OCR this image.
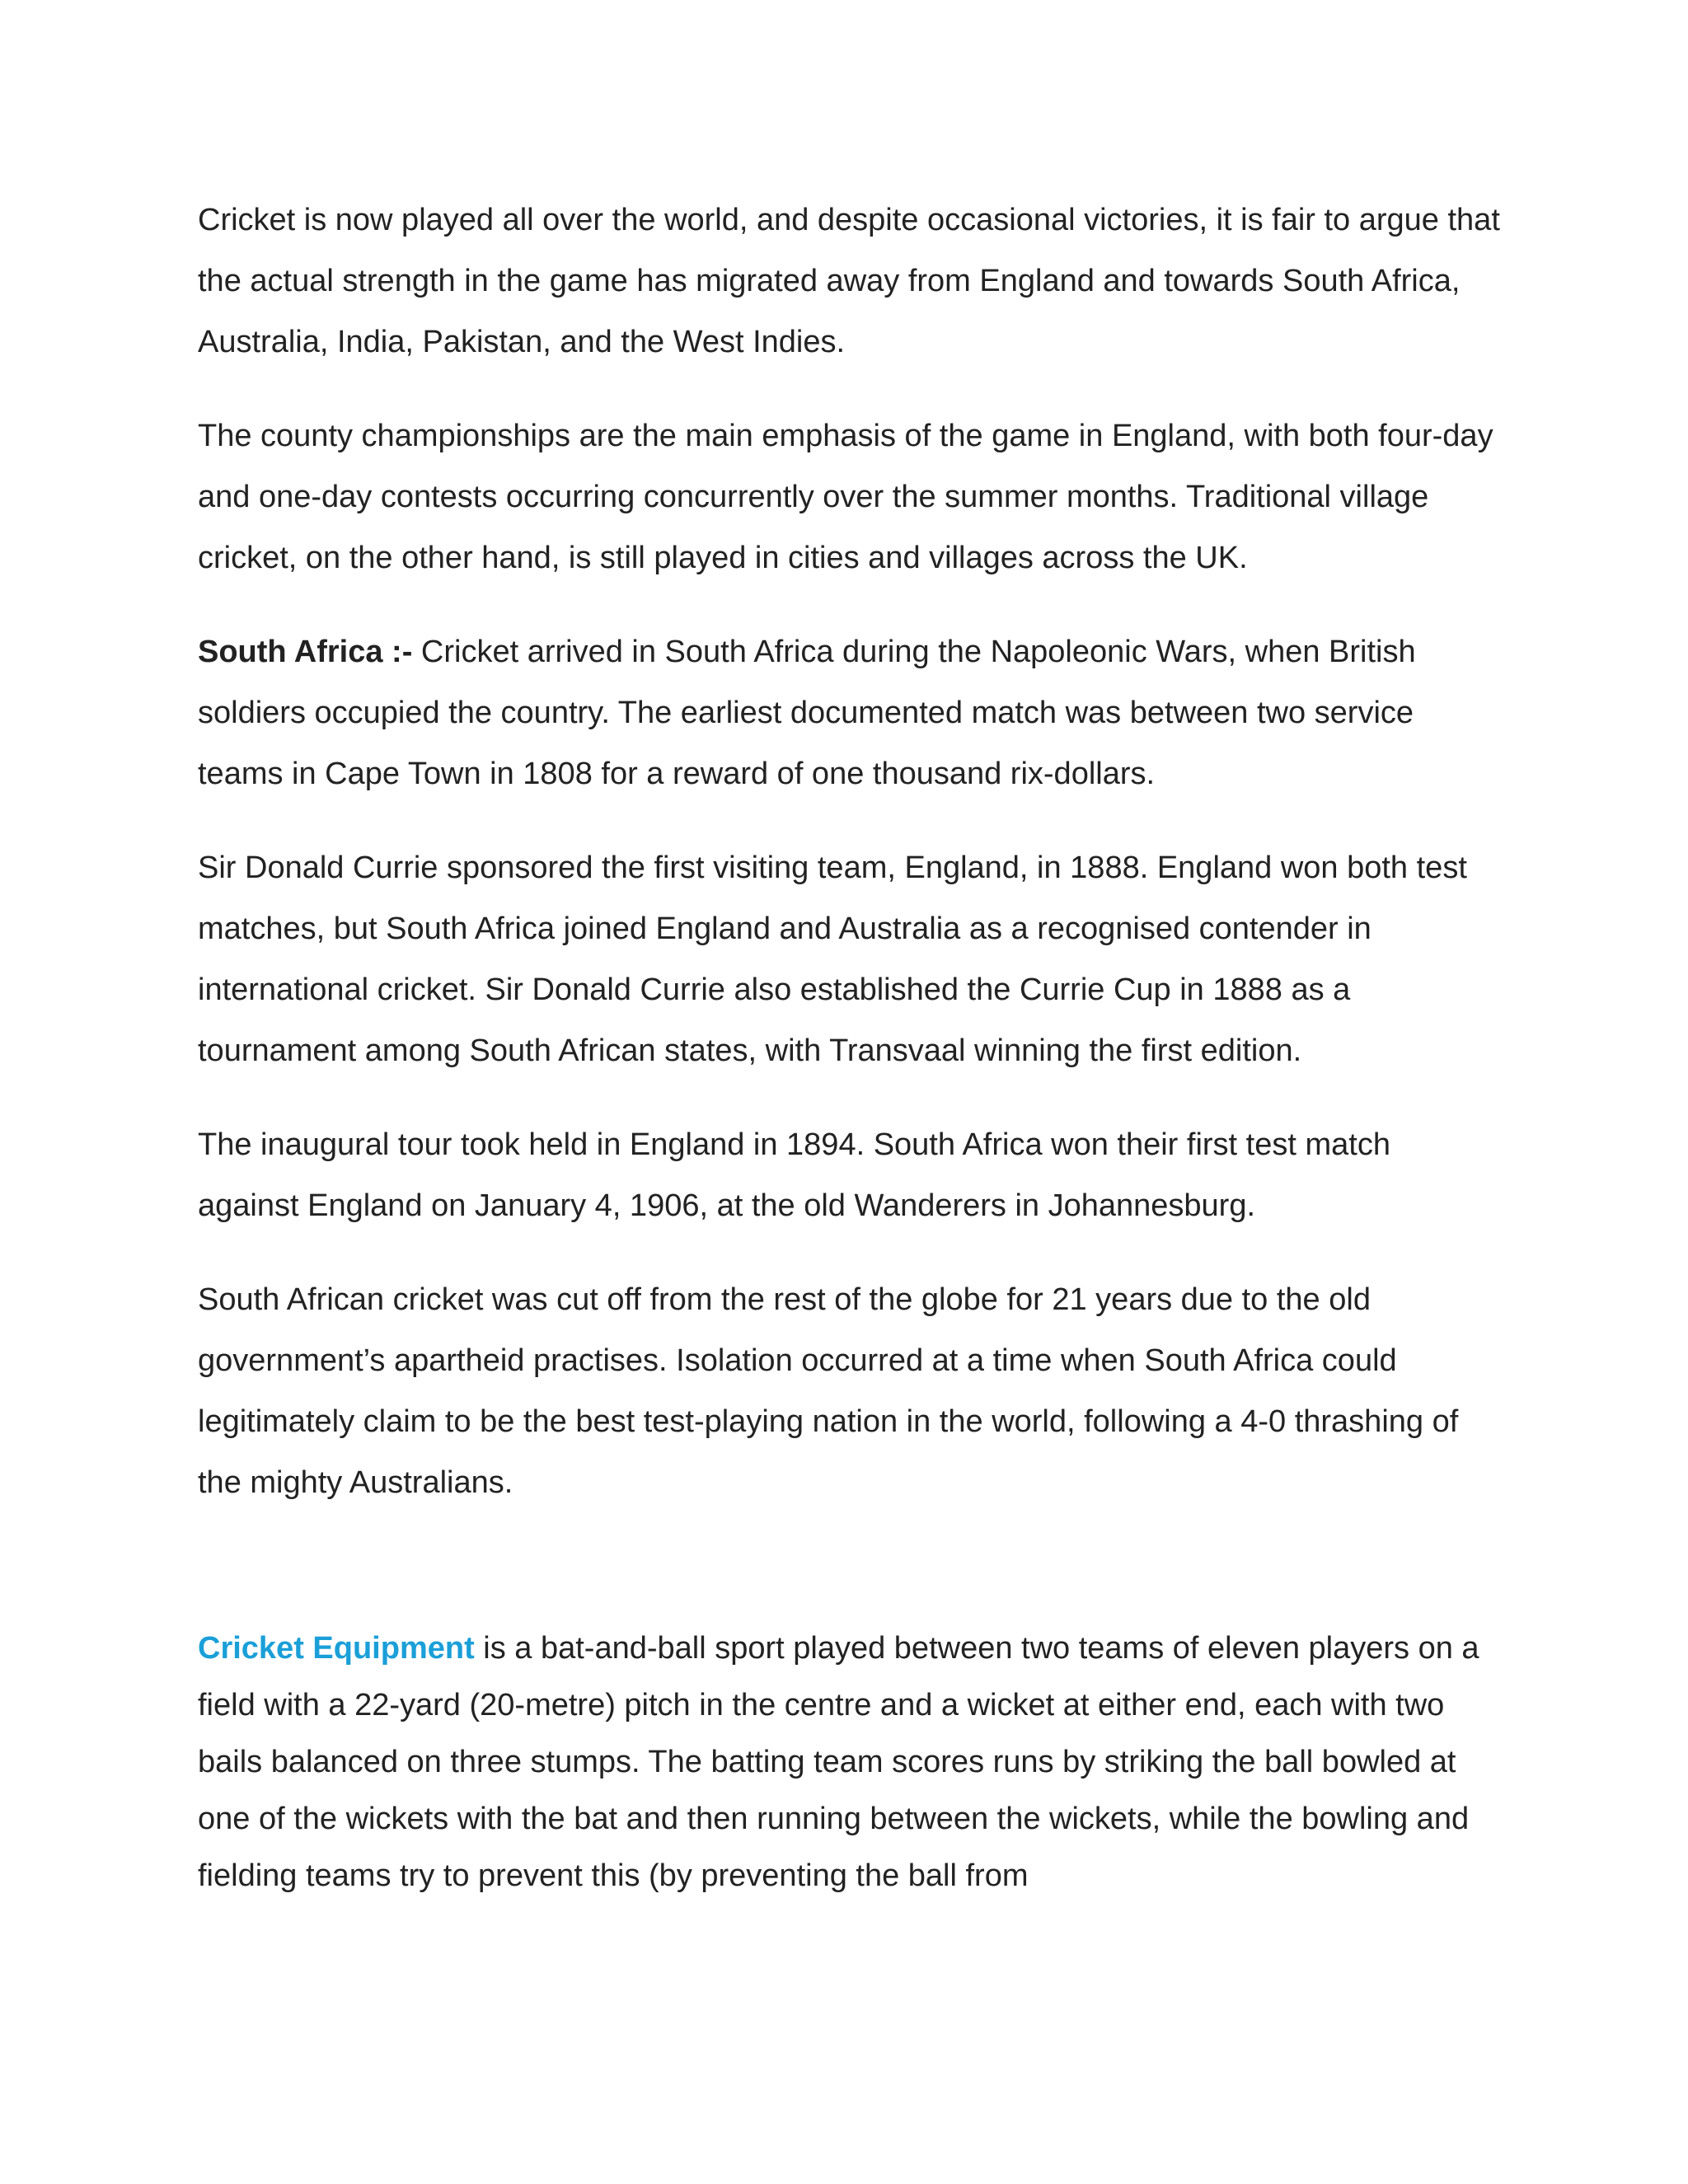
Cricket is now played all over the world, and despite occasional victories, it is fair to argue that the actual strength in the game has migrated away from England and towards South Africa, Australia, India, Pakistan, and the West Indies.

The county championships are the main emphasis of the game in England, with both four-day and one-day contests occurring concurrently over the summer months. Traditional village cricket, on the other hand, is still played in cities and villages across the UK.

South Africa :- Cricket arrived in South Africa during the Napoleonic Wars, when British soldiers occupied the country. The earliest documented match was between two service teams in Cape Town in 1808 for a reward of one thousand rix-dollars.

Sir Donald Currie sponsored the first visiting team, England, in 1888. England won both test matches, but South Africa joined England and Australia as a recognised contender in international cricket. Sir Donald Currie also established the Currie Cup in 1888 as a tournament among South African states, with Transvaal winning the first edition.

The inaugural tour took held in England in 1894. South Africa won their first test match against England on January 4, 1906, at the old Wanderers in Johannesburg.

South African cricket was cut off from the rest of the globe for 21 years due to the old government’s apartheid practises. Isolation occurred at a time when South Africa could legitimately claim to be the best test-playing nation in the world, following a 4-0 thrashing of the mighty Australians.

Cricket Equipment is a bat-and-ball sport played between two teams of eleven players on a field with a 22-yard (20-metre) pitch in the centre and a wicket at either end, each with two bails balanced on three stumps. The batting team scores runs by striking the ball bowled at one of the wickets with the bat and then running between the wickets, while the bowling and fielding teams try to prevent this (by preventing the ball from
